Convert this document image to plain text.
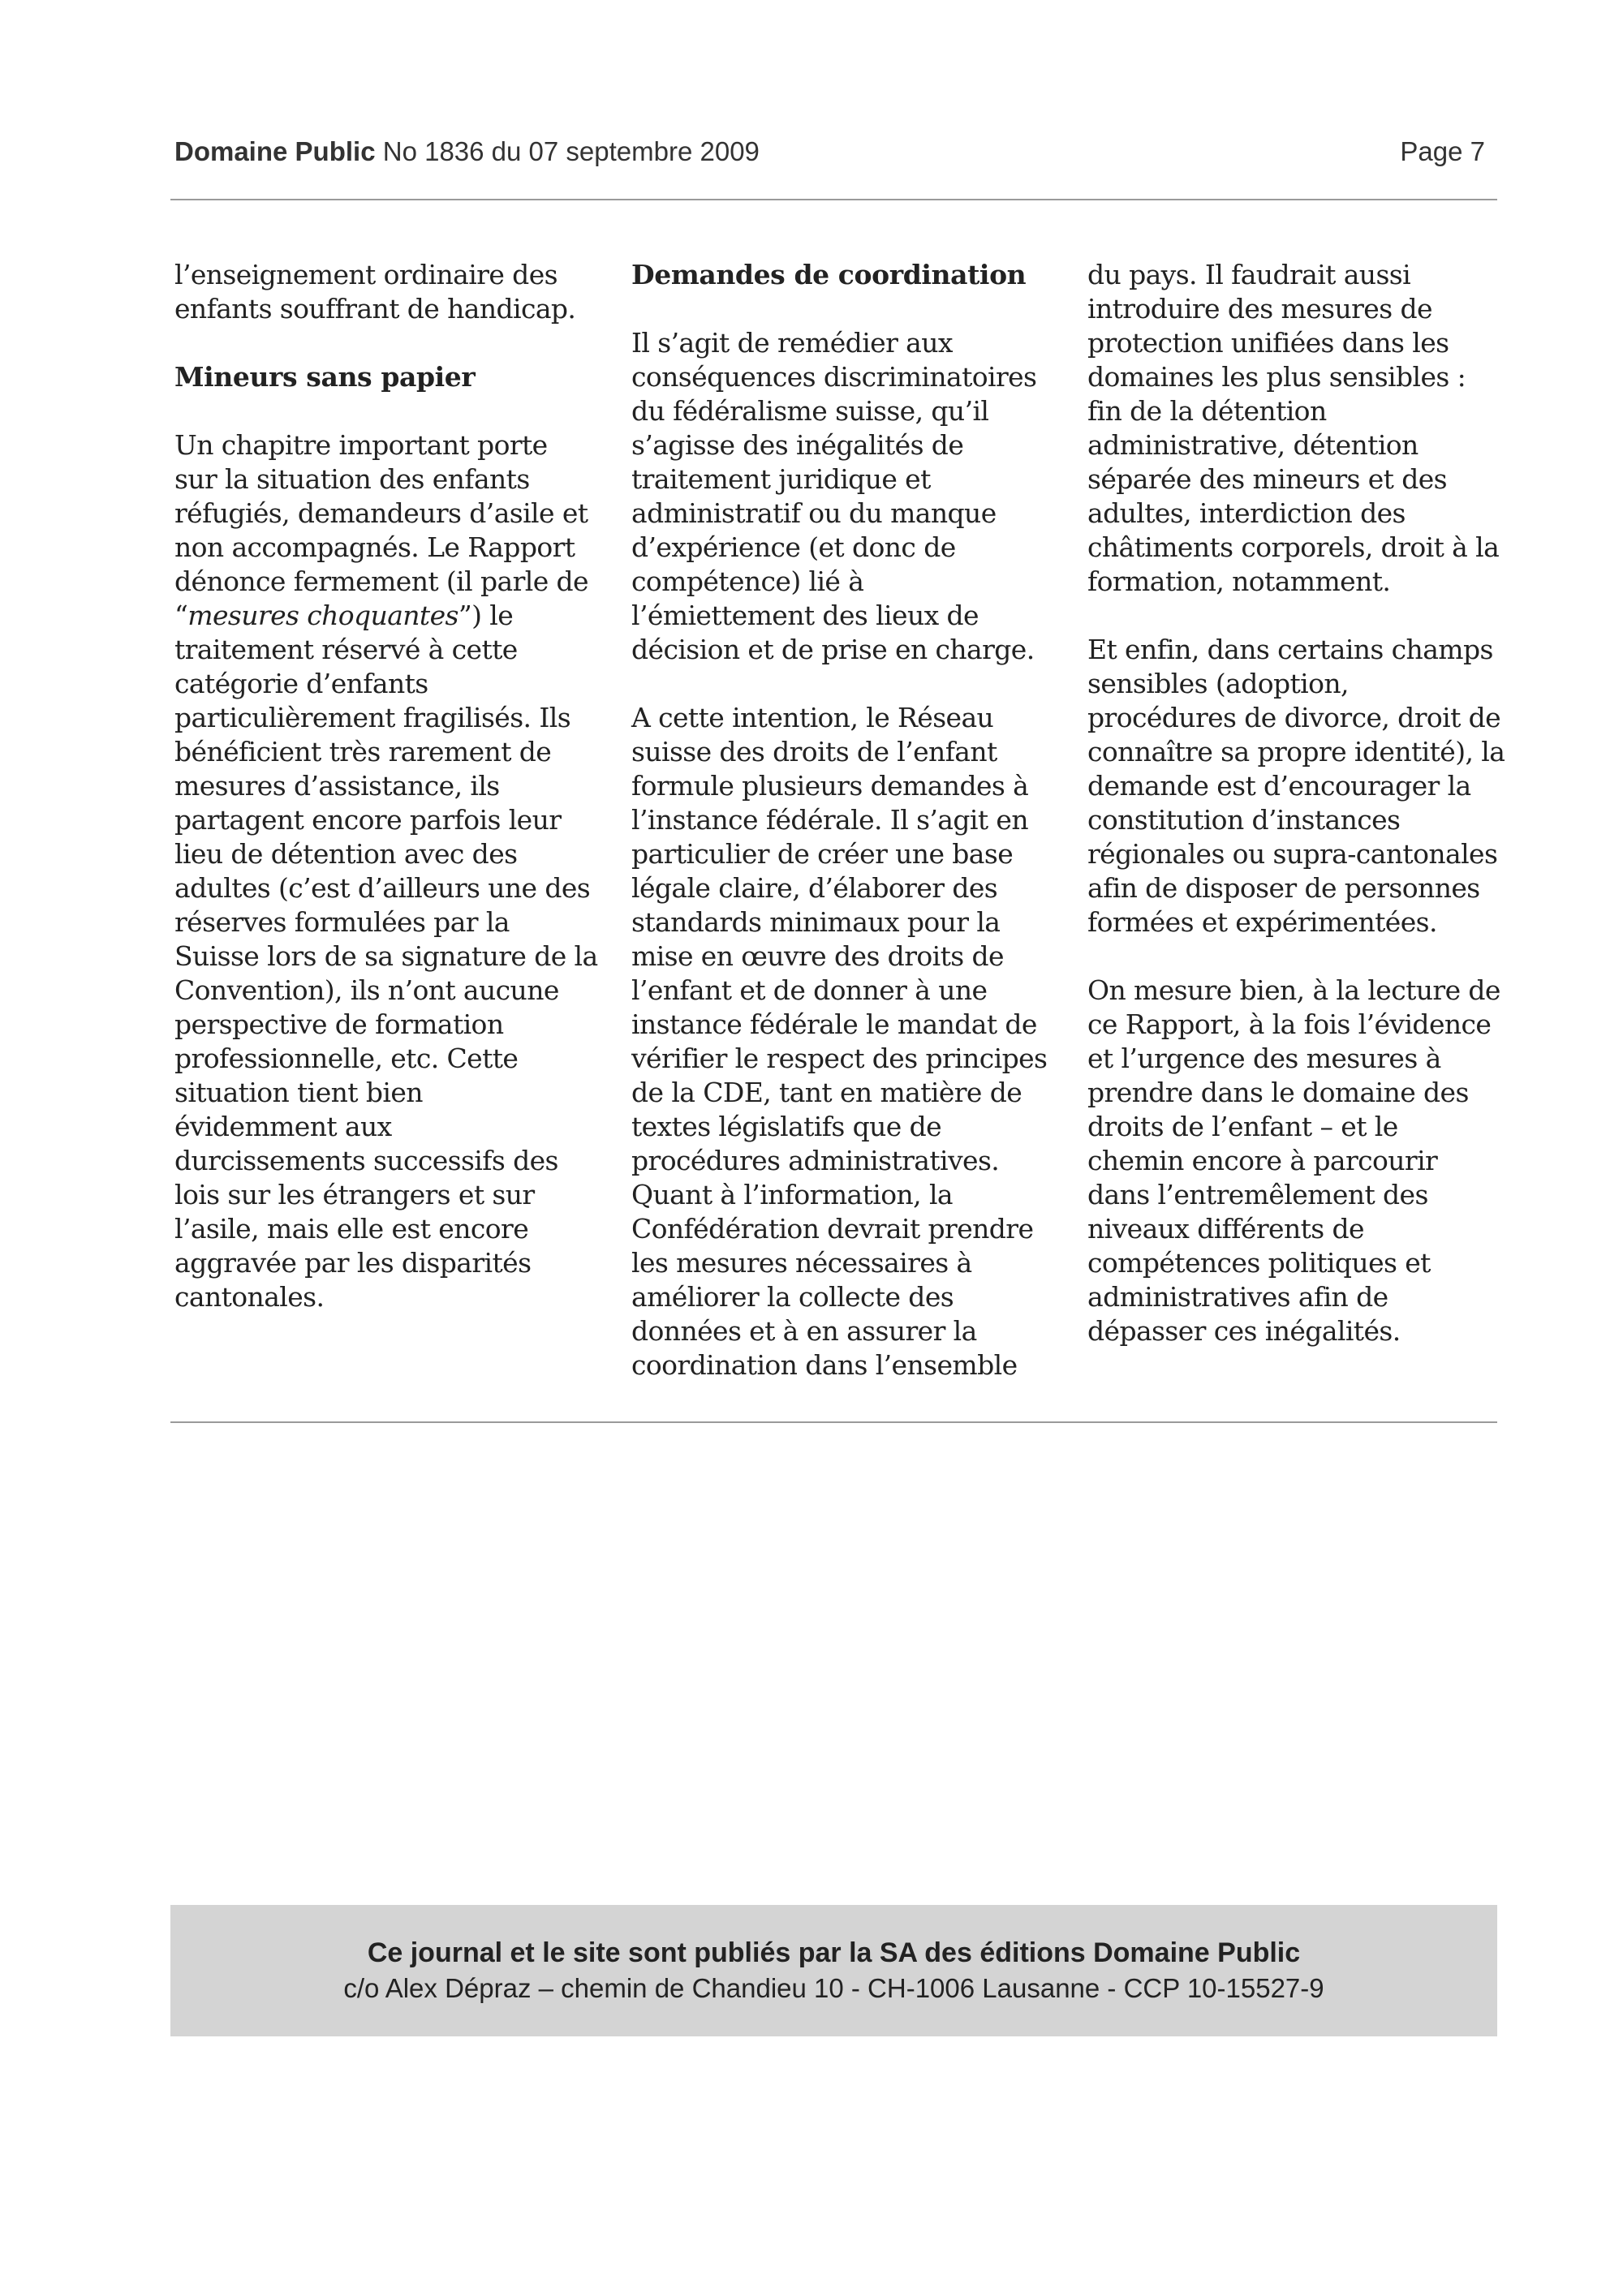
Domaine Public No 1836 du 07 septembre 2009	Page 7
l’enseignement ordinaire des
enfants souffrant de handicap.
Mineurs sans papier
Un chapitre important porte
sur la situation des enfants
réfugiés, demandeurs d’asile et
non accompagnés. Le Rapport
dénonce fermement (il parle de
“mesures choquantes”) le
traitement réservé à cette
catégorie d’enfants
particulièrement fragilisés. Ils
bénéficient très rarement de
mesures d’assistance, ils
partagent encore parfois leur
lieu de détention avec des
adultes (c’est d’ailleurs une des
réserves formulées par la
Suisse lors de sa signature de la
Convention), ils n’ont aucune
perspective de formation
professionnelle, etc. Cette
situation tient bien
évidemment aux
durcissements successifs des
lois sur les étrangers et sur
l’asile, mais elle est encore
aggravée par les disparités
cantonales.
Demandes de coordination
Il s’agit de remédier aux
conséquences discriminatoires
du fédéralisme suisse, qu’il
s’agisse des inégalités de
traitement juridique et
administratif ou du manque
d’expérience (et donc de
compétence) lié à
l’émiettement des lieux de
décision et de prise en charge.
A cette intention, le Réseau
suisse des droits de l’enfant
formule plusieurs demandes à
l’instance fédérale. Il s’agit en
particulier de créer une base
légale claire, d’élaborer des
standards minimaux pour la
mise en œuvre des droits de
l’enfant et de donner à une
instance fédérale le mandat de
vérifier le respect des principes
de la CDE, tant en matière de
textes législatifs que de
procédures administratives.
Quant à l’information, la
Confédération devrait prendre
les mesures nécessaires à
améliorer la collecte des
données et à en assurer la
coordination dans l’ensemble
du pays. Il faudrait aussi
introduire des mesures de
protection unifiées dans les
domaines les plus sensibles :
fin de la détention
administrative, détention
séparée des mineurs et des
adultes, interdiction des
châtiments corporels, droit à la
formation, notamment.
Et enfin, dans certains champs
sensibles (adoption,
procédures de divorce, droit de
connaître sa propre identité), la
demande est d’encourager la
constitution d’instances
régionales ou supra-cantonales
afin de disposer de personnes
formées et expérimentées.
On mesure bien, à la lecture de
ce Rapport, à la fois l’évidence
et l’urgence des mesures à
prendre dans le domaine des
droits de l’enfant – et le
chemin encore à parcourir
dans l’entremêlement des
niveaux différents de
compétences politiques et
administratives afin de
dépasser ces inégalités.
Ce journal et le site sont publiés par la SA des éditions Domaine Public
c/o Alex Dépraz – chemin de Chandieu 10 - CH-1006 Lausanne - CCP 10-15527-9
